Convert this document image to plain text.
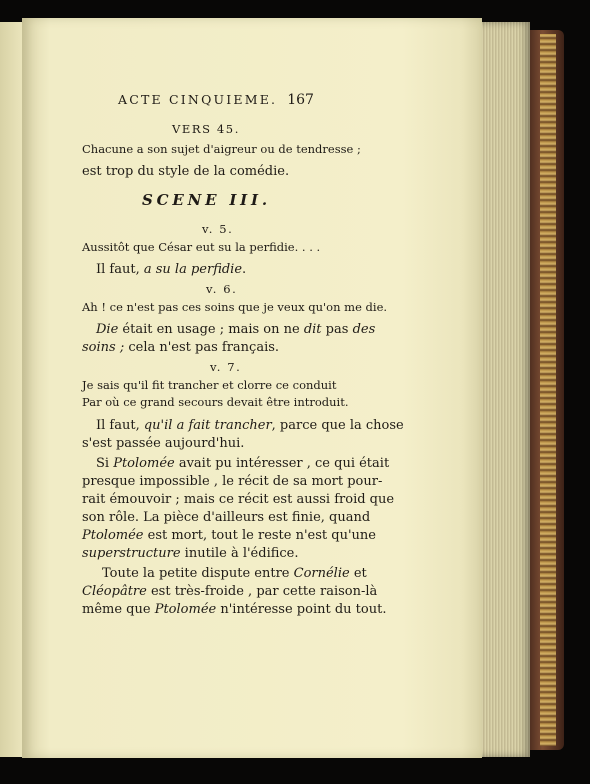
ACTE CINQUIEME. 167
VERS 45.
Chacune a son sujet d'aigreur ou de tendresse ;
est trop du style de la comédie.
SCENE III.
v. 5.
Aussitôt que César eut su la perfidie. . . .
Il faut, a su la perfidie.
v. 6.
Ah ! ce n'est pas ces soins que je veux qu'on me die.
Die était en usage ; mais on ne dit pas des
soins ; cela n'est pas français.
v. 7.
Je sais qu'il fit trancher et clorre ce conduit
Par où ce grand secours devait être introduit.
Il faut, qu'il a fait trancher, parce que la chose
s'est passée aujourd'hui.
Si Ptolomée avait pu intéresser , ce qui était
presque impossible , le récit de sa mort pour-
rait émouvoir ; mais ce récit est aussi froid que
son rôle. La pièce d'ailleurs est finie, quand
Ptolomée est mort, tout le reste n'est qu'une
superstructure inutile à l'édifice.
Toute la petite dispute entre Cornélie et
Cléopâtre est très-froide , par cette raison-là
même que Ptolomée n'intéresse point du tout.
